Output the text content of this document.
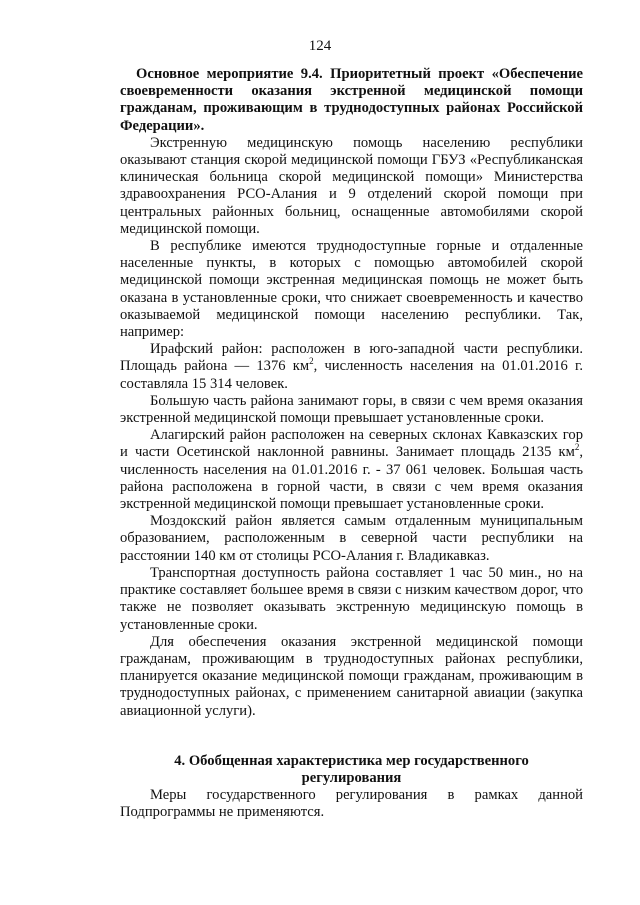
124

Основное мероприятие 9.4. Приоритетный проект «Обеспечение своевременности оказания экстренной медицинской помощи гражданам, проживающим в труднодоступных районах Российской Федерации».

Экстренную медицинскую помощь населению республики оказывают станция скорой медицинской помощи ГБУЗ «Республиканская клиническая больница скорой медицинской помощи» Министерства здравоохранения РСО-Алания и 9 отделений скорой помощи при центральных районных больниц, оснащенные автомобилями скорой медицинской помощи.

В республике имеются труднодоступные горные и отдаленные населенные пункты, в которых с помощью автомобилей скорой медицинской помощи экстренная медицинская помощь не может быть оказана в установленные сроки, что снижает своевременность и качество оказываемой медицинской помощи населению республики. Так, например:

Ирафский район: расположен в юго-западной части республики. Площадь района — 1376 $км^2$, численность населения на 01.01.2016 г. составляла 15 314 человек.

Большую часть района занимают горы, в связи с чем время оказания экстренной медицинской помощи превышает установленные сроки.

Алагирский район расположен на северных склонах Кавказских гор и части Осетинской наклонной равнины. Занимает площадь 2135 $км^2$, численность населения на 01.01.2016 г. - 37 061 человек. Большая часть района расположена в горной части, в связи с чем время оказания экстренной медицинской помощи превышает установленные сроки.

Моздокский район является самым отдаленным муниципальным образованием, расположенным в северной части республики на расстоянии 140 км от столицы РСО-Алания г. Владикавказ.

Транспортная доступность района составляет 1 час 50 мин., но на практике составляет большее время в связи с низким качеством дорог, что также не позволяет оказывать экстренную медицинскую помощь в установленные сроки.

Для обеспечения оказания экстренной медицинской помощи гражданам, проживающим в труднодоступных районах республики, планируется оказание медицинской помощи гражданам, проживающим в труднодоступных районах, с применением санитарной авиации (закупка авиационной услуги).

4. Обобщенная характеристика мер государственного регулирования

Меры государственного регулирования в рамках данной Подпрограммы не применяются.
